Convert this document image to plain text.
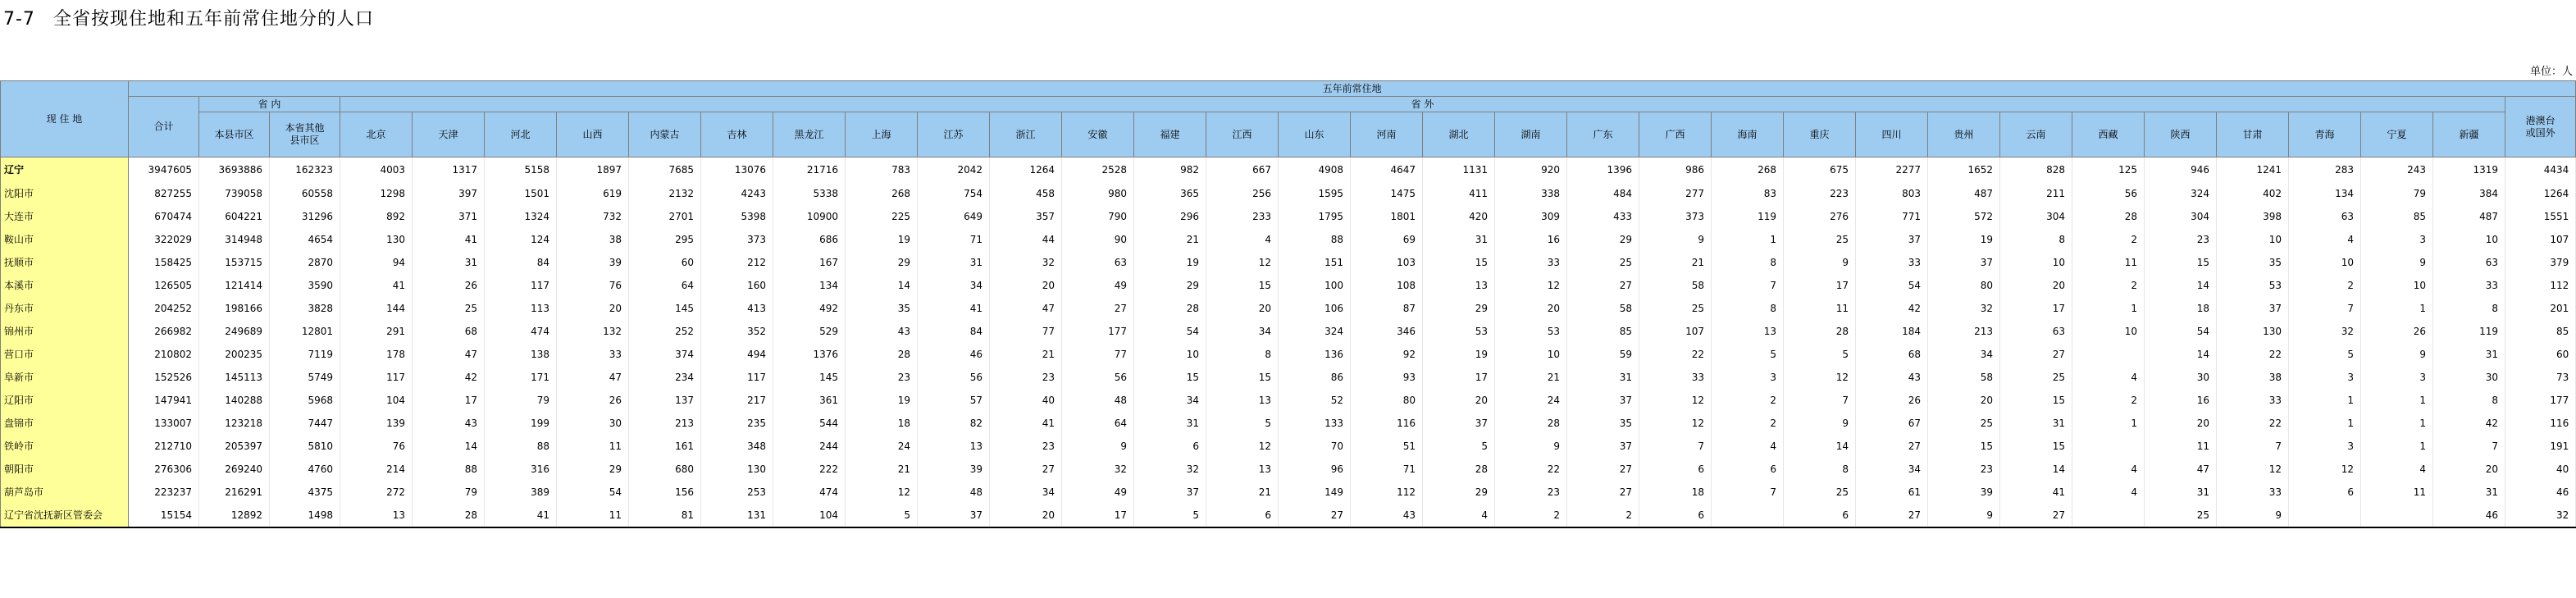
7-7 全省按现住地和五年前常住地分的人口
单位：人
现 住 地	五年前常住地																																	
	合计	省 内		省 外																														港澳台
或国外
		本县市区	本省其他
县市区	北京	天津	河北	山西	内蒙古	吉林	黑龙江	上海	江苏	浙江	安徽	福建	江西	山东	河南	湖北	湖南	广东	广西	海南	重庆	四川	贵州	云南	西藏	陕西	甘肃	青海	宁夏	新疆	
辽宁	3947605	3693886	162323	4003	1317	5158	1897	7685	13076	21716	783	2042	1264	2528	982	667	4908	4647	1131	920	1396	986	268	675	2277	1652	828	125	946	1241	283	243	1319	4434
沈阳市	827255	739058	60558	1298	397	1501	619	2132	4243	5338	268	754	458	980	365	256	1595	1475	411	338	484	277	83	223	803	487	211	56	324	402	134	79	384	1264
大连市	670474	604221	31296	892	371	1324	732	2701	5398	10900	225	649	357	790	296	233	1795	1801	420	309	433	373	119	276	771	572	304	28	304	398	63	85	487	1551
鞍山市	322029	314948	4654	130	41	124	38	295	373	686	19	71	44	90	21	4	88	69	31	16	29	9	1	25	37	19	8	2	23	10	4	3	10	107
抚顺市	158425	153715	2870	94	31	84	39	60	212	167	29	31	32	63	19	12	151	103	15	33	25	21	8	9	33	37	10	11	15	35	10	9	63	379
本溪市	126505	121414	3590	41	26	117	76	64	160	134	14	34	20	49	29	15	100	108	13	12	27	58	7	17	54	80	20	2	14	53	2	10	33	112
丹东市	204252	198166	3828	144	25	113	20	145	413	492	35	41	47	27	28	20	106	87	29	20	58	25	8	11	42	32	17	1	18	37	7	1	8	201
锦州市	266982	249689	12801	291	68	474	132	252	352	529	43	84	77	177	54	34	324	346	53	53	85	107	13	28	184	213	63	10	54	130	32	26	119	85
营口市	210802	200235	7119	178	47	138	33	374	494	1376	28	46	21	77	10	8	136	92	19	10	59	22	5	5	68	34	27		14	22	5	9	31	60
阜新市	152526	145113	5749	117	42	171	47	234	117	145	23	56	23	56	15	15	86	93	17	21	31	33	3	12	43	58	25	4	30	38	3	3	30	73
辽阳市	147941	140288	5968	104	17	79	26	137	217	361	19	57	40	48	34	13	52	80	20	24	37	12	2	7	26	20	15	2	16	33	1	1	8	177
盘锦市	133007	123218	7447	139	43	199	30	213	235	544	18	82	41	64	31	5	133	116	37	28	35	12	2	9	67	25	31	1	20	22	1	1	42	116
铁岭市	212710	205397	5810	76	14	88	11	161	348	244	24	13	23	9	6	12	70	51	5	9	37	7	4	14	27	15	15		11	7	3	1	7	191
朝阳市	276306	269240	4760	214	88	316	29	680	130	222	21	39	27	32	32	13	96	71	28	22	27	6	6	8	34	23	14	4	47	12	12	4	20	40
葫芦岛市	223237	216291	4375	272	79	389	54	156	253	474	12	48	34	49	37	21	149	112	29	23	27	18	7	25	61	39	41	4	31	33	6	11	31	46
辽宁省沈抚新区管委会	15154	12892	1498	13	28	41	11	81	131	104	5	37	20	17	5	6	27	43	4	2	2	6		6	27	9	27		25	9			46	32
